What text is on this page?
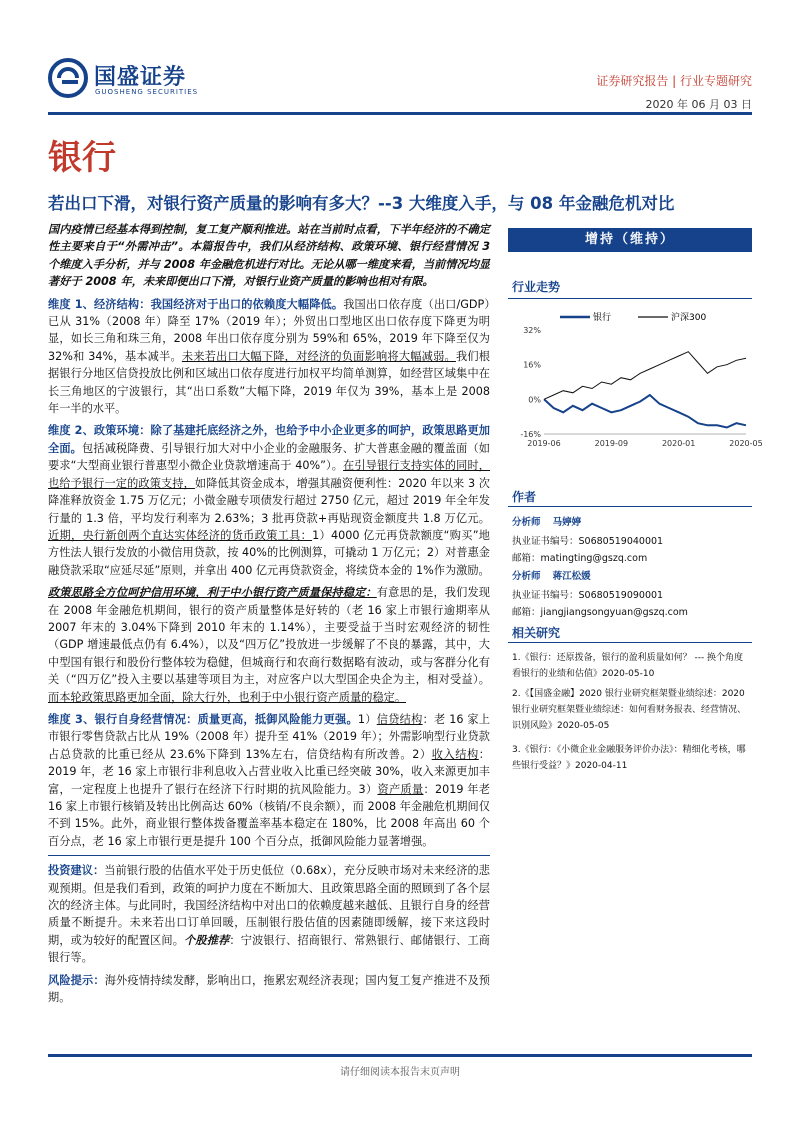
国盛证券
GUOSHENG SECURITIES
证券研究报告 | 行业专题研究
2020 年 06 月 03 日
银行
若出口下滑，对银行资产质量的影响有多大？--3 大维度入手，与 08 年金融危机对比

国内疫情已经基本得到控制，复工复产顺利推进。站在当前时点看，下半年经济的不确定性主要来自于“外需冲击”。本篇报告中，我们从经济结构、政策环境、银行经营情况 3 个维度入手分析，并与 2008 年金融危机进行对比。无论从哪一维度来看，当前情况均显著好于 2008 年，未来即便出口下滑，对银行业资产质量的影响也相对有限。

维度 1、经济结构：我国经济对于出口的依赖度大幅降低。我国出口依存度（出口/GDP）已从 31%（2008 年）降至 17%（2019 年）；外贸出口型地区出口依存度下降更为明显，如长三角和珠三角，2008 年出口依存度分别为 59%和 65%，2019 年下降至仅为 32%和 34%，基本减半。未来若出口大幅下降，对经济的负面影响将大幅减弱。我们根据银行分地区信贷投放比例和区域出口依存度进行加权平均简单测算，如经营区域集中在长三角地区的宁波银行，其“出口系数”大幅下降，2019 年仅为 39%，基本上是 2008 年一半的水平。

维度 2、政策环境：除了基建托底经济之外，也给予中小企业更多的呵护，政策思路更加全面。包括减税降费、引导银行加大对中小企业的金融服务、扩大普惠金融的覆盖面（如要求“大型商业银行普惠型小微企业贷款增速高于 40%”）。在引导银行支持实体的同时，也给予银行一定的政策支持，如降低其资金成本，增强其融资便利性：2020 年以来 3 次降准释放资金 1.75 万亿元；小微金融专项债发行超过 2750 亿元，超过 2019 年全年发行量的 1.3 倍，平均发行利率为 2.63%；3 批再贷款+再贴现资金额度共 1.8 万亿元。近期，央行新创两个直达实体经济的货币政策工具：1）4000 亿元再贷款额度“购买”地方性法人银行发放的小微信用贷款，按 40%的比例测算，可撬动 1 万亿元；2）对普惠金融贷款采取“应延尽延”原则，并拿出 400 亿元再贷款资金，将续贷本金的 1%作为激励。

政策思路全方位呵护信用环境，利于中小银行资产质量保持稳定：有意思的是，我们发现在 2008 年金融危机期间，银行的资产质量整体是好转的（老 16 家上市银行逾期率从 2007 年末的 3.04%下降到 2010 年末的 1.14%），主要受益于当时宏观经济的韧性（GDP 增速最低点仍有 6.4%），以及“四万亿”投放进一步缓解了不良的暴露，其中，大中型国有银行和股份行整体较为稳健，但城商行和农商行数据略有波动，或与客群分化有关（“四万亿”投入主要以基建等项目为主，对应客户以大型国企央企为主，相对受益）。而本轮政策思路更加全面，除大行外，也利于中小银行资产质量的稳定。

维度 3、银行自身经营情况：质量更高，抵御风险能力更强。1）信贷结构：老 16 家上市银行零售贷款占比从 19%（2008 年）提升至 41%（2019 年）；外需影响型行业贷款占总贷款的比重已经从 23.6%下降到 13%左右，信贷结构有所改善。2）收入结构：2019 年，老 16 家上市银行非利息收入占营业收入比重已经突破 30%，收入来源更加丰富，一定程度上也提升了银行在经济下行时期的抗风险能力。3）资产质量：2019 年老 16 家上市银行核销及转出比例高达 60%（核销/不良余额），而 2008 年金融危机期间仅不到 15%。此外，商业银行整体拨备覆盖率基本稳定在 180%，比 2008 年高出 60 个百分点，老 16 家上市银行更是提升 100 个百分点，抵御风险能力显著增强。

投资建议：当前银行股的估值水平处于历史低位（0.68x），充分反映市场对未来经济的悲观预期。但是我们看到，政策的呵护力度在不断加大、且政策思路全面的照顾到了各个层次的经济主体。与此同时，我国经济结构中对出口的依赖度越来越低、且银行自身的经营质量不断提升。未来若出口订单回暖，压制银行股估值的因素随即缓解，接下来这段时期，或为较好的配置区间。个股推荐：宁波银行、招商银行、常熟银行、邮储银行、工商银行等。

风险提示：海外疫情持续发酵，影响出口，拖累宏观经济表现；国内复工复产推进不及预期。

增持（维持）
行业走势
银行	沪深300
32%
16%
0%
-16%
2019-06	2019-09	2020-01	2020-05
作者
分析师 马婷婷
执业证书编号：S0680519040001
邮箱：matingting@gszq.com
分析师 蒋江松媛
执业证书编号：S0680519090001
邮箱：jiangjiangsongyuan@gszq.com
相关研究
1.《银行：还原拨备，银行的盈利质量如何？ --- 换个角度看银行的业绩和估值》2020-05-10
2.《【国盛金融】2020 银行业研究框架暨业绩综述：2020 银行业研究框架暨业绩综述：如何看财务报表、经营情况、识别风险》2020-05-05
3.《银行：《小微企业金融服务评价办法》：精细化考核，哪些银行受益？》2020-04-11
请仔细阅读本报告末页声明
